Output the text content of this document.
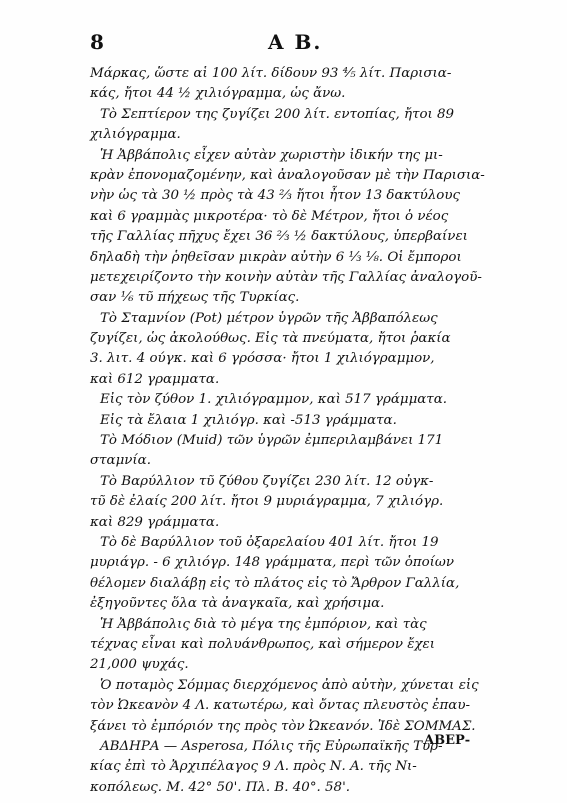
8	Α Β.
Μάρκας, ὥστε αἱ 100 λίτ. δίδουν 93 ⅘ λίτ. Παρισια-
κάς, ἤτοι 44 ½ χιλιόγραμμα, ὡς ἄνω.
Τὸ Σεπτίερον της ζυγίζει 200 λίτ. εντοπίας, ἤτοι 89
χιλιόγραμμα.
Ἡ Ἀββάπολις εἶχεν αὐτὰν χωριστὴν ἰδικήν της μι-
κρὰν ἐπονομαζομένην, καὶ ἀναλογοῦσαν μὲ τὴν Παρισια-
νὴν ὡς τὰ 30 ½ πρὸς τὰ 43 ⅔ ἤτοι ἦτον 13 δακτύλους
καὶ 6 γραμμὰς μικροτέρα· τὸ δὲ Μέτρον, ἤτοι ὁ νέος
τῆς Γαλλίας πῆχυς ἔχει 36 ⅔ ½ δακτύλους, ὑπερβαίνει
δηλαδὴ τὴν ῥηθεῖσαν μικρὰν αὐτὴν 6 ⅓ ⅛. Οἱ ἔμποροι
μετεχειρίζοντο τὴν κοινὴν αὐτὰν τῆς Γαλλίας ἀναλογοῦ-
σαν ⅙ τῦ πήχεως τῆς Τυρκίας.
Τὸ Σταμνίον (Pot) μέτρον ὑγρῶν τῆς Ἀββαπόλεως
ζυγίζει, ὡς ἀκολούθως. Εἰς τὰ πνεύματα, ἤτοι ῥακία
3. λιτ. 4 ούγκ. καὶ 6 γρόσσα· ἤτοι 1 χιλιόγραμμον,
καὶ 612 γραμματα.
Εἰς τὸν ζύθον 1. χιλιόγραμμον, καὶ 517 γράμματα.
Εἰς τὰ ἔλαια 1 χιλιόγρ. καὶ -513 γράμματα.
Τὸ Μόδιον (Muid) τῶν ὑγρῶν ἐμπεριλαμβάνει 171
σταμνία.
Τὸ Βαρύλλιον τῦ ζύθου ζυγίζει 230 λίτ. 12 οὐγκ-
τῦ δὲ ἐλαίς 200 λίτ. ἤτοι 9 μυριάγραμμα, 7 χιλιόγρ.
καὶ 829 γράμματα.
Τὸ δὲ Βαρύλλιον τοῦ ὀξαρελαίου 401 λίτ. ἤτοι 19
μυριάγρ. - 6 χιλιόγρ. 148 γράμματα, περὶ τῶν ὁποίων
θέλομεν διαλάβῃ εἰς τὸ πλάτος εἰς τὸ Ἄρθρον Γαλλία,
ἐξηγοῦντες ὅλα τὰ ἀναγκαῖα, καὶ χρήσιμα.
Ἡ Ἀββάπολις διὰ τὸ μέγα της ἐμπόριον, καὶ τὰς
τέχνας εἶναι καὶ πολυάνθρωπος, καὶ σήμερον ἔχει
21,000 ψυχάς.
Ὁ ποταμὸς Σόμμας διερχόμενος ἀπὸ αὐτὴν, χύνεται εἰς
τὸν Ὠκεανὸν 4 Λ. κατωτέρω, καὶ ὄντας πλευστὸς ἐπαυ-
ξάνει τὸ ἐμπόριόν της πρὸς τὸν Ὠκεανόν. Ἰδὲ ΣΟΜΜΑΣ.
ΑΒΔΗΡΑ — Asperosa, Πόλις τῆς Εὐρωπαϊκῆς Τυρ-
κίας ἐπὶ τὸ Ἀρχιπέλαγος 9 Λ. πρὸς Ν. Α. τῆς Νι-
κοπόλεως. Μ. 42° 50'. Πλ. Β. 40°. 58'.
ΑΒΕΡ-
